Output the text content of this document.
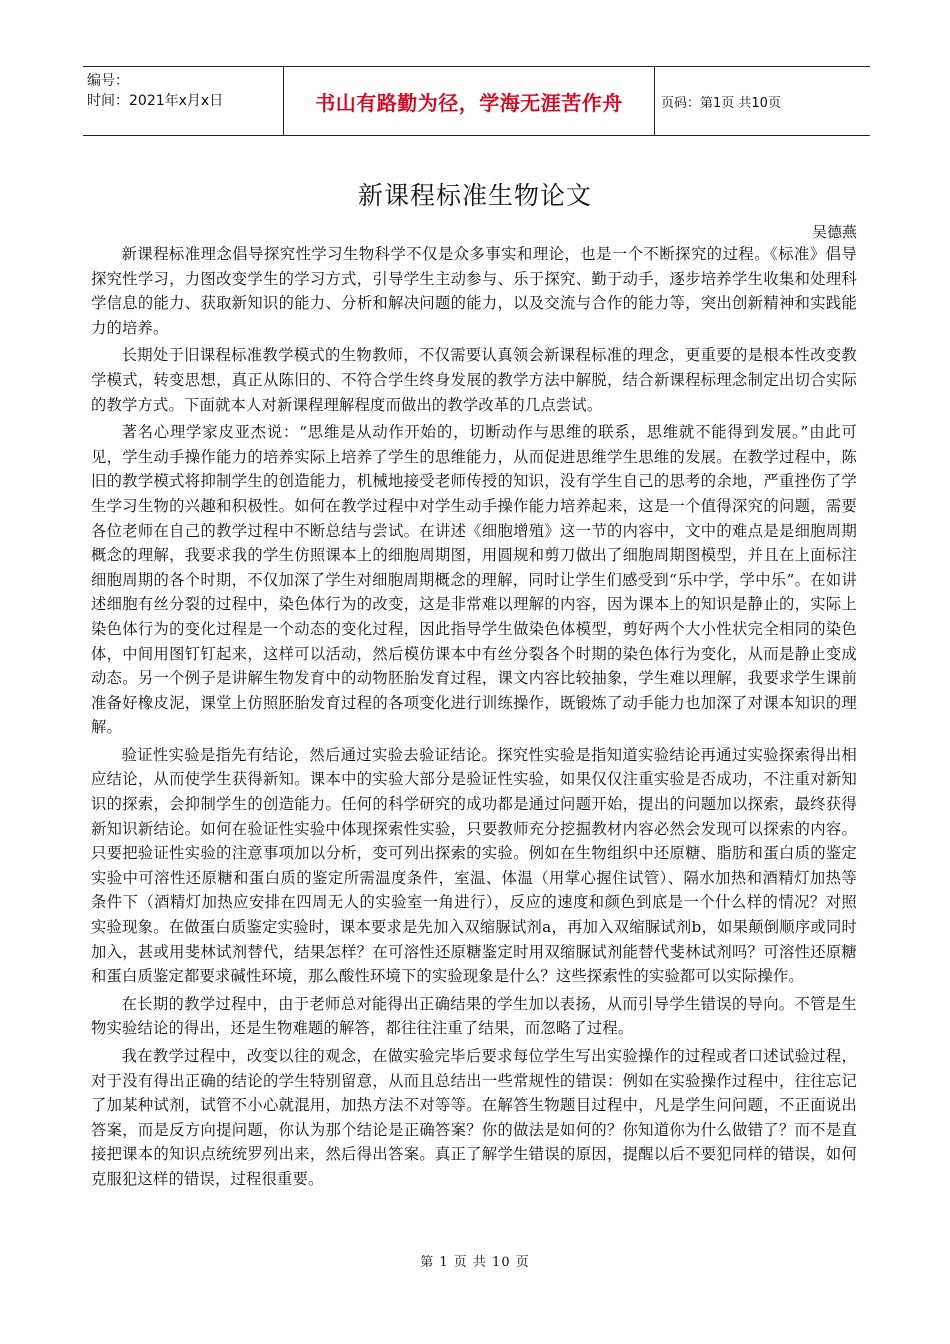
编号：
时间：2021年x月x日	书山有路勤为径，学海无涯苦作舟	页码：第1页 共10页
新课程标准生物论文
吴德燕

新课程标准理念倡导探究性学习生物科学不仅是众多事实和理论，也是一个不断探究的过程。《标准》倡导探究性学习，力图改变学生的学习方式，引导学生主动参与、乐于探究、勤于动手，逐步培养学生收集和处理科学信息的能力、获取新知识的能力、分析和解决问题的能力，以及交流与合作的能力等，突出创新精神和实践能力的培养。

长期处于旧课程标准教学模式的生物教师，不仅需要认真领会新课程标准的理念，更重要的是根本性改变教学模式，转变思想，真正从陈旧的、不符合学生终身发展的教学方法中解脱，结合新课程标理念制定出切合实际的教学方式。下面就本人对新课程理解程度而做出的教学改革的几点尝试。

著名心理学家皮亚杰说：“思维是从动作开始的，切断动作与思维的联系，思维就不能得到发展。”由此可见，学生动手操作能力的培养实际上培养了学生的思维能力，从而促进思维学生思维的发展。在教学过程中，陈旧的教学模式将抑制学生的创造能力，机械地接受老师传授的知识，没有学生自己的思考的余地，严重挫伤了学生学习生物的兴趣和积极性。如何在教学过程中对学生动手操作能力培养起来，这是一个值得深究的问题，需要各位老师在自己的教学过程中不断总结与尝试。在讲述《细胞增殖》这一节的内容中，文中的难点是是细胞周期概念的理解，我要求我的学生仿照课本上的细胞周期图，用圆规和剪刀做出了细胞周期图模型，并且在上面标注细胞周期的各个时期，不仅加深了学生对细胞周期概念的理解，同时让学生们感受到“乐中学，学中乐”。在如讲述细胞有丝分裂的过程中，染色体行为的改变，这是非常难以理解的内容，因为课本上的知识是静止的，实际上染色体行为的变化过程是一个动态的变化过程，因此指导学生做染色体模型，剪好两个大小性状完全相同的染色体，中间用图钉钉起来，这样可以活动，然后模仿课本中有丝分裂各个时期的染色体行为变化，从而是静止变成动态。另一个例子是讲解生物发育中的动物胚胎发育过程，课文内容比较抽象，学生难以理解，我要求学生课前准备好橡皮泥，课堂上仿照胚胎发育过程的各项变化进行训练操作，既锻炼了动手能力也加深了对课本知识的理解。

验证性实验是指先有结论，然后通过实验去验证结论。探究性实验是指知道实验结论再通过实验探索得出相应结论，从而使学生获得新知。课本中的实验大部分是验证性实验，如果仅仅注重实验是否成功，不注重对新知识的探索，会抑制学生的创造能力。任何的科学研究的成功都是通过问题开始，提出的问题加以探索，最终获得新知识新结论。如何在验证性实验中体现探索性实验，只要教师充分挖掘教材内容必然会发现可以探索的内容。只要把验证性实验的注意事项加以分析，变可列出探索的实验。例如在生物组织中还原糖、脂肪和蛋白质的鉴定实验中可溶性还原糖和蛋白质的鉴定所需温度条件，室温、体温（用掌心握住试管）、隔水加热和酒精灯加热等条件下（酒精灯加热应安排在四周无人的实验室一角进行），反应的速度和颜色到底是一个什么样的情况？对照实验现象。在做蛋白质鉴定实验时，课本要求是先加入双缩脲试剂a，再加入双缩脲试剂b，如果颠倒顺序或同时加入，甚或用斐林试剂替代，结果怎样？在可溶性还原糖鉴定时用双缩脲试剂能替代斐林试剂吗？可溶性还原糖和蛋白质鉴定都要求碱性环境，那么酸性环境下的实验现象是什么？这些探索性的实验都可以实际操作。

在长期的教学过程中，由于老师总对能得出正确结果的学生加以表扬，从而引导学生错误的导向。不管是生物实验结论的得出，还是生物难题的解答，都往往注重了结果，而忽略了过程。

我在教学过程中，改变以往的观念，在做实验完毕后要求每位学生写出实验操作的过程或者口述试验过程，对于没有得出正确的结论的学生特别留意，从而且总结出一些常规性的错误：例如在实验操作过程中，往往忘记了加某种试剂，试管不小心就混用，加热方法不对等等。在解答生物题目过程中，凡是学生问问题，不正面说出答案，而是反方向提问题，你认为那个结论是正确答案？你的做法是如何的？你知道你为什么做错了？而不是直接把课本的知识点统统罗列出来，然后得出答案。真正了解学生错误的原因，提醒以后不要犯同样的错误，如何克服犯这样的错误，过程很重要。

第 1 页 共 10 页
